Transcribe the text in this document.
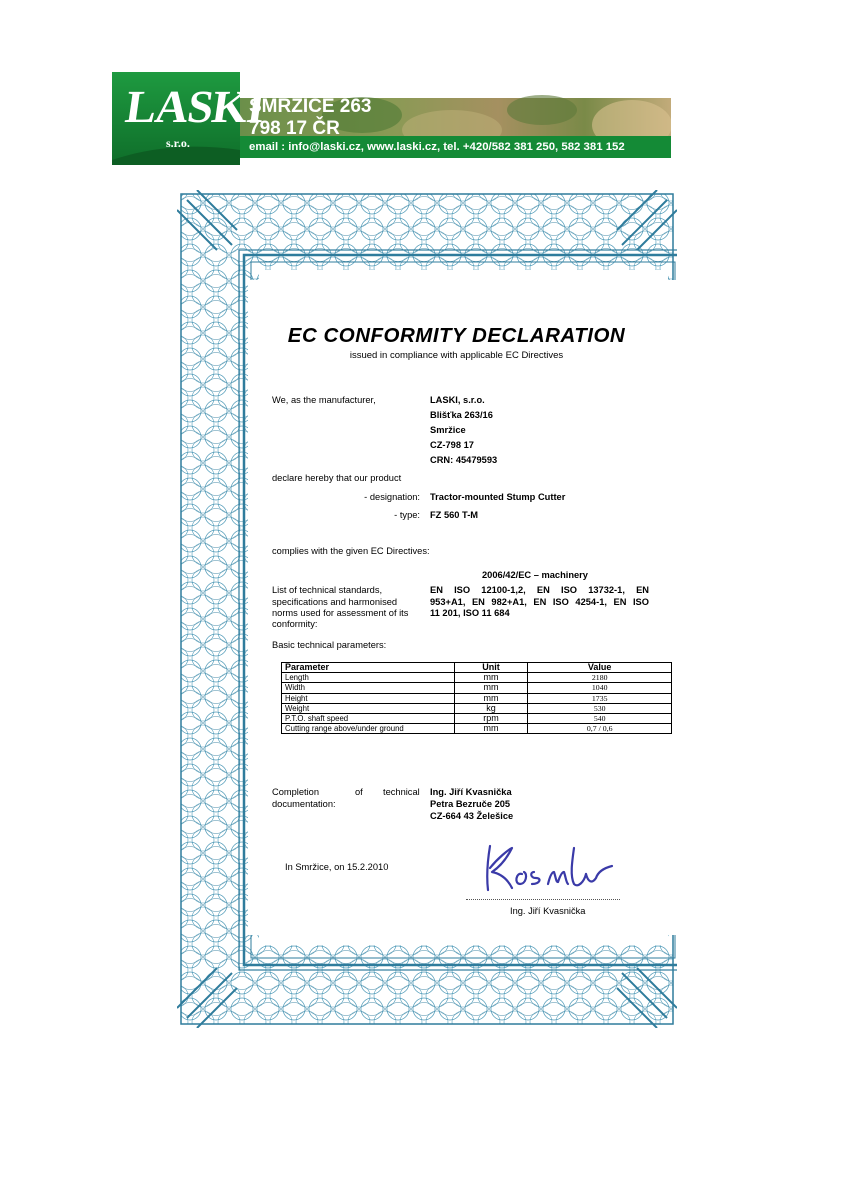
LASKI
s.r.o.
SMRŽICE 263
798 17 ČR
email : info@laski.cz, www.laski.cz, tel. +420/582 381 250, 582 381 152
EC CONFORMITY DECLARATION
issued in compliance with applicable EC Directives
We, as the manufacturer,	LASKI, s.r.o.
Blišťka 263/16
Smržice
CZ-798 17
CRN: 45479593
declare hereby that our product
- designation: Tractor-mounted Stump Cutter
- type: FZ 560 T-M
complies with the given EC Directives:
2006/42/EC – machinery
List of technical standards,
specifications and harmonised
norms used for assessment of its
conformity:
EN ISO 12100-1,2, EN ISO 13732-1, EN
953+A1, EN 982+A1, EN ISO 4254-1, EN ISO
11 201, ISO 11 684
Basic technical parameters:
Parameter	Unit	Value
Length	mm	2180
Width	mm	1040
Height	mm	1735
Weight	kg	530
P.T.O. shaft speed	rpm	540
Cutting range above/under ground	mm	0,7 / 0,6
Completion	of technical
documentation:
Ing. Jiří Kvasnička
Petra Bezruče 205
CZ-664 43 Želešice
In Smržice, on 15.2.2010
Ing. Jiří Kvasnička
